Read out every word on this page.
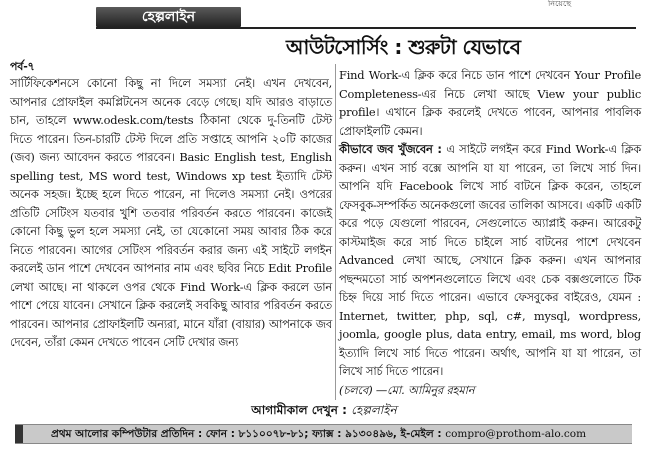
নিয়েছে
হেল্পলাইন
আউটসোর্সিং : শুরুটা যেভাবে
পর্ব-৭

সার্টিফিকেশনসে কোনো কিছু না দিলে সমস্যা নেই। এখন দেখবেন, আপনার প্রোফাইল কমপ্লিটনেস অনেক বেড়ে গেছে। যদি আরও বাড়াতে চান, তাহলে www.odesk.com/tests ঠিকানা থেকে দু-তিনটি টেস্ট দিতে পারেন। তিন-চারটি টেস্ট দিলে প্রতি সপ্তাহে আপনি ২০টি কাজের (জব) জন্য আবেদন করতে পারবেন। Basic English test, English spelling test, MS word test, Windows xp test ইত্যাদি টেস্ট অনেক সহজ। ইচ্ছে হলে দিতে পারেন, না দিলেও সমস্যা নেই। ওপরের প্রতিটি সেটিংস যতবার খুশি ততবার পরিবর্তন করতে পারবেন। কাজেই কোনো কিছু ভুল হলে সমস্যা নেই, তা যেকোনো সময় আবার ঠিক করে নিতে পারবেন। আগের সেটিংস পরিবর্তন করার জন্য এই সাইটে লগইন করলেই ডান পাশে দেখবেন আপনার নাম এবং ছবির নিচে Edit Profile লেখা আছে। না থাকলে ওপর থেকে Find Work-এ ক্লিক করলে ডান পাশে পেয়ে যাবেন। সেখানে ক্লিক করলেই সবকিছু আবার পরিবর্তন করতে পারবেন। আপনার প্রোফাইলটি অন্যরা, মানে যাঁরা (বায়ার) আপনাকে জব দেবেন, তাঁরা কেমন দেখতে পাবেন সেটি দেখার জন্য

Find Work-এ ক্লিক করে নিচে ডান পাশে দেখবেন Your Profile Completeness-এর নিচে লেখা আছে View your public profile। এখানে ক্লিক করলেই দেখতে পাবেন, আপনার পাবলিক প্রোফাইলটি কেমন।

কীভাবে জব খুঁজবেন : এ সাইটে লগইন করে Find Work-এ ক্লিক করুন। এখন সার্চ বক্সে আপনি যা যা পারেন, তা লিখে সার্চ দিন। আপনি যদি Facebook লিখে সার্চ বাটনে ক্লিক করেন, তাহলে ফেসবুক-সম্পর্কিত অনেকগুলো জবের তালিকা আসবে। একটি একটি করে পড়ে যেগুলো পারবেন, সেগুলোতে অ্যাপ্লাই করুন। আরেকটু কাস্টমাইজ করে সার্চ দিতে চাইলে সার্চ বাটনের পাশে দেখবেন Advanced লেখা আছে, সেখানে ক্লিক করুন। এখন আপনার পছন্দমতো সার্চ অপশনগুলোতে লিখে এবং চেক বক্সগুলোতে টিক চিহ্ন দিয়ে সার্চ দিতে পারেন। এভাবে ফেসবুকের বাইরেও, যেমন : Internet, twitter, php, sql, c#, mysql, wordpress, joomla, google plus, data entry, email, ms word, blog ইত্যাদি লিখে সার্চ দিতে পারেন। অর্থাৎ, আপনি যা যা পারেন, তা লিখে সার্চ দিতে পারেন।

(চলবে) —মো. আমিনুর রহমান

আগামীকাল দেখুন : হেল্পলাইন
প্রথম আলোর কম্পিউটার প্রতিদিন : ফোন : ৮১১০০৭৮-৮১; ফ্যাক্স : ৯১৩০৪৯৬, ই-মেইল : compro@prothom-alo.com
